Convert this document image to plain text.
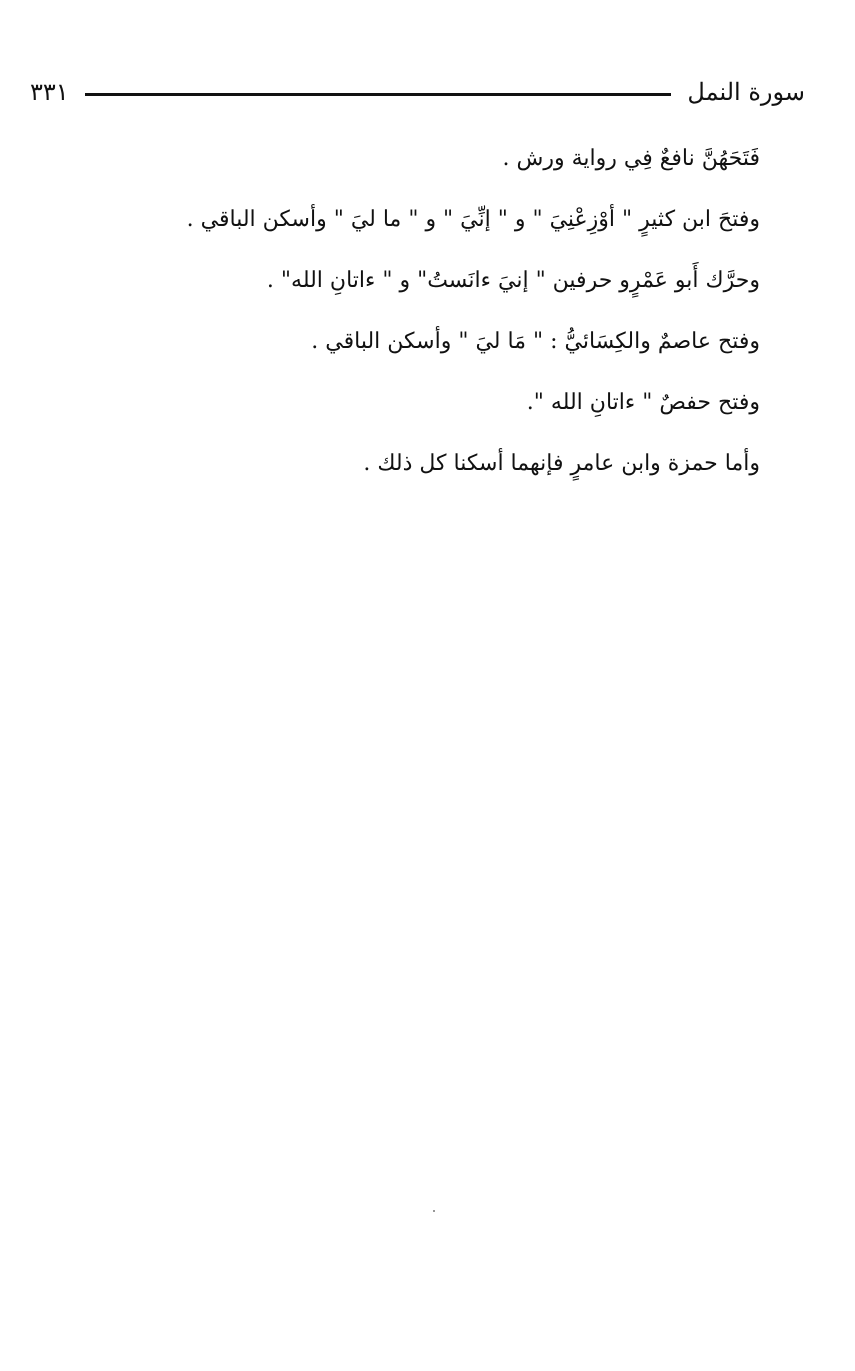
سورة النمل
٣٣١

فَتَحَهُنَّ نافعٌ فِي رواية ورش .

وفتحَ ابن كثيرٍ " أوْزِعْنِيَ " و " إنِّيَ " و " ما ليَ " وأسكن الباقي .

وحرَّك أَبو عَمْرٍو حرفين " إنيَ ءانَستُ" و " ءاتانِ الله" .

وفتح عاصمٌ والكِسَائيُّ : " مَا ليَ " وأسكن الباقي .

وفتح حفصٌ " ءاتانِ الله ".

وأما حمزة وابن عامرٍ فإنهما أسكنا كل ذلك .
